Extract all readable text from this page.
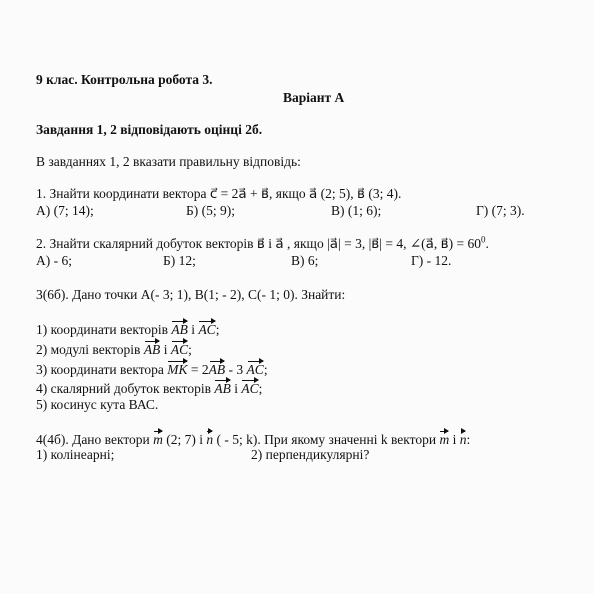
9 клас. Контрольна робота 3.
Варіант А
Завдання 1, 2 відповідають оцінці 2б.
В завданнях 1, 2 вказати правильну відповідь:
1. Знайти координати вектора c⃗ = 2a⃗ + в⃗, якщо a⃗ (2; 5), в⃗ (3; 4).
А) (7; 14);	Б) (5; 9);	В) (1; 6);	Г) (7; 3).
2. Знайти скалярний добуток векторів в⃗ і a⃗ , якщо |a⃗| = 3, |в⃗| = 4, ∠(a⃗, в⃗) = $60^0$.
А) - 6;	Б) 12;	В) 6;	Г) - 12.
3(6б). Дано точки А(- 3; 1), В(1; - 2), С(- 1; 0). Знайти:
1) координати векторів AB і AC;
2) модулі векторів AB і AC;
3) координати вектора MK = 2AB - 3 AC;
4) скалярний добуток векторів AB і AC;
5) косинус кута ВАС.
4(4б). Дано вектори m (2; 7) і n ( - 5; k). При якому значенні k вектори m і n:
1) колінеарні;	2) перпендикулярні?
